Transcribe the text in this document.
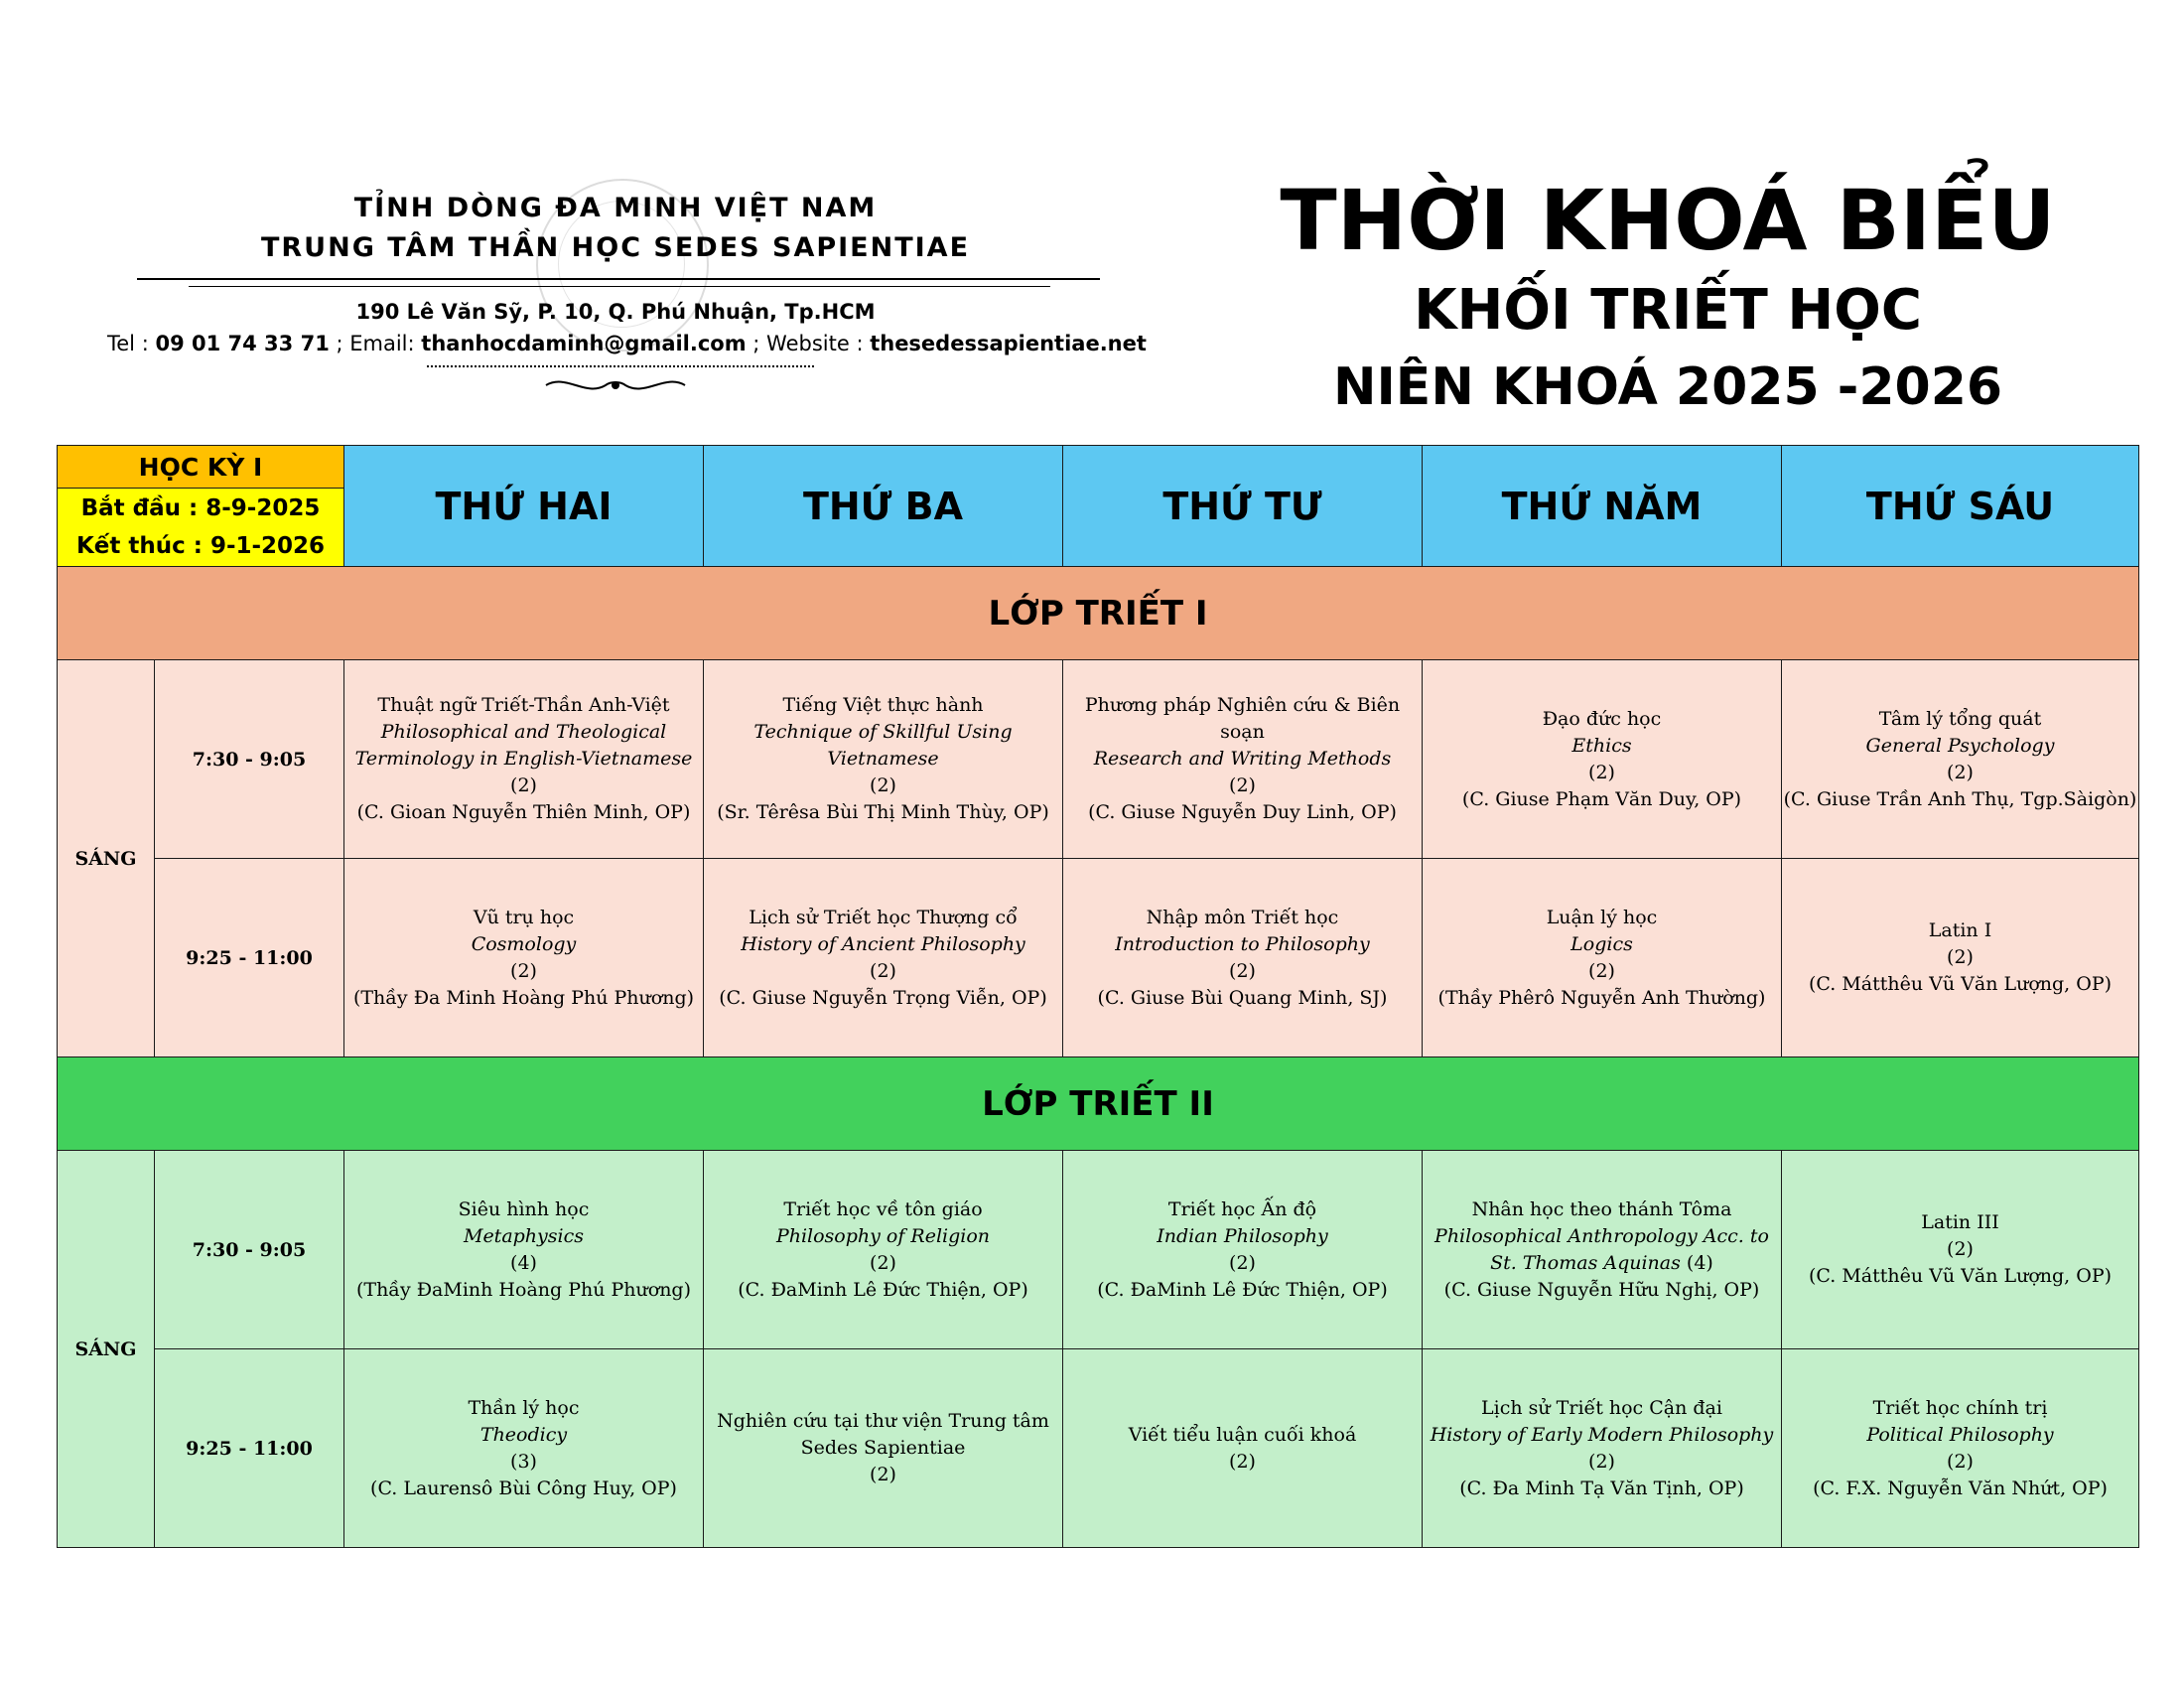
TỈNH DÒNG ĐA MINH VIỆT NAM
TRUNG TÂM THẦN HỌC SEDES SAPIENTIAE
190 Lê Văn Sỹ, P. 10, Q. Phú Nhuận, Tp.HCM
Tel : 09 01 74 33 71 ; Email: thanhocdaminh@gmail.com ; Website : thesedessapientiae.net
THỜI KHOÁ BIỂU
KHỐI TRIẾT HỌC
NIÊN KHOÁ 2025 -2026
HỌC KỲ I		THỨ HAI	THỨ BA	THỨ TƯ	THỨ NĂM	THỨ SÁU
Bắt đầu : 8-9-2025
Kết thúc : 9-1-2026						
LỚP TRIẾT I						
SÁNG	7:30 - 9:05	Thuật ngữ Triết-Thần Anh-Việt
Philosophical and Theological Terminology in English-Vietnamese
(2)
(C. Gioan Nguyễn Thiên Minh, OP)	Tiếng Việt thực hành
Technique of Skillful Using Vietnamese
(2)
(Sr. Têrêsa Bùi Thị Minh Thùy, OP)	Phương pháp Nghiên cứu & Biên soạn
Research and Writing Methods
(2)
(C. Giuse Nguyễn Duy Linh, OP)	Đạo đức học
Ethics
(2)
(C. Giuse Phạm Văn Duy, OP)	Tâm lý tổng quát
General Psychology
(2)
(C. Giuse Trần Anh Thụ, Tgp.Sàigòn)

	9:25 - 11:00	Vũ trụ học
Cosmology
(2)
(Thầy Đa Minh Hoàng Phú Phương)	Lịch sử Triết học Thượng cổ
History of Ancient Philosophy
(2)
(C. Giuse Nguyễn Trọng Viễn, OP)	Nhập môn Triết học
Introduction to Philosophy
(2)
(C. Giuse Bùi Quang Minh, SJ)	Luận lý học
Logics
(2)
(Thầy Phêrô Nguyễn Anh Thường)	Latin I
(2)
(C. Mátthêu Vũ Văn Lượng, OP)

LỚP TRIẾT II						
SÁNG	7:30 - 9:05	Siêu hình học
Metaphysics
(4)
(Thầy ĐaMinh Hoàng Phú Phương)	Triết học về tôn giáo
Philosophy of Religion
(2)
(C. ĐaMinh Lê Đức Thiện, OP)	Triết học Ấn độ
Indian Philosophy
(2)
(C. ĐaMinh Lê Đức Thiện, OP)	Nhân học theo thánh Tôma
Philosophical Anthropology Acc. to St. Thomas Aquinas (4)
(C. Giuse Nguyễn Hữu Nghị, OP)	Latin III
(2)
(C. Mátthêu Vũ Văn Lượng, OP)

	9:25 - 11:00	Thần lý học
Theodicy
(3)
(C. Laurensô Bùi Công Huy, OP)	Nghiên cứu tại thư viện Trung tâm Sedes Sapientiae
(2)	Viết tiểu luận cuối khoá
(2)	Lịch sử Triết học Cận đại
History of Early Modern Philosophy
(2)
(C. Đa Minh Tạ Văn Tịnh, OP)	Triết học chính trị
Political Philosophy
(2)
(C. F.X. Nguyễn Văn Nhứt, OP)
